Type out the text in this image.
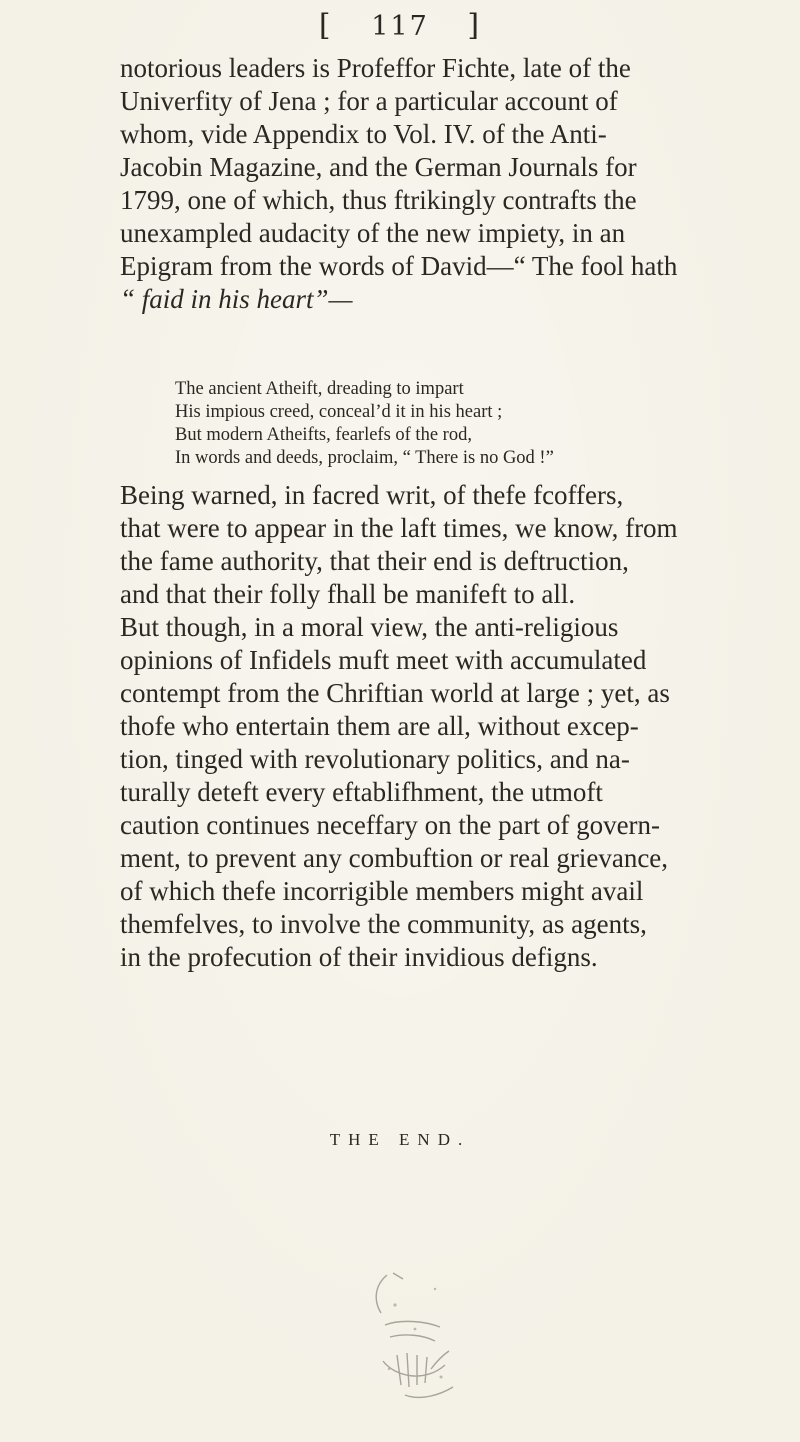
[ 117 ]
notorious leaders is Profeffor Fichte, late of the
Univerfity of Jena ; for a particular account of
whom, vide Appendix to Vol. IV. of the Anti-
Jacobin Magazine, and the German Journals for
1799, one of which, thus ftrikingly contrafts the
unexampled audacity of the new impiety, in an
Epigram from the words of David—“ The fool hath
“ faid in his heart”—
The ancient Atheift, dreading to impart
His impious creed, conceal’d it in his heart ;
But modern Atheifts, fearlefs of the rod,
In words and deeds, proclaim, “ There is no God !”
Being warned, in facred writ, of thefe fcoffers,
that were to appear in the laft times, we know, from
the fame authority, that their end is deftruction,
and that their folly fhall be manifeft to all.
But though, in a moral view, the anti-religious
opinions of Infidels muft meet with accumulated
contempt from the Chriftian world at large ; yet, as
thofe who entertain them are all, without excep-
tion, tinged with revolutionary politics, and na-
turally deteft every eftablifhment, the utmoft
caution continues neceffary on the part of govern-
ment, to prevent any combuftion or real grievance,
of which thefe incorrigible members might avail
themfelves, to involve the community, as agents,
in the profecution of their invidious defigns.
THE END.
